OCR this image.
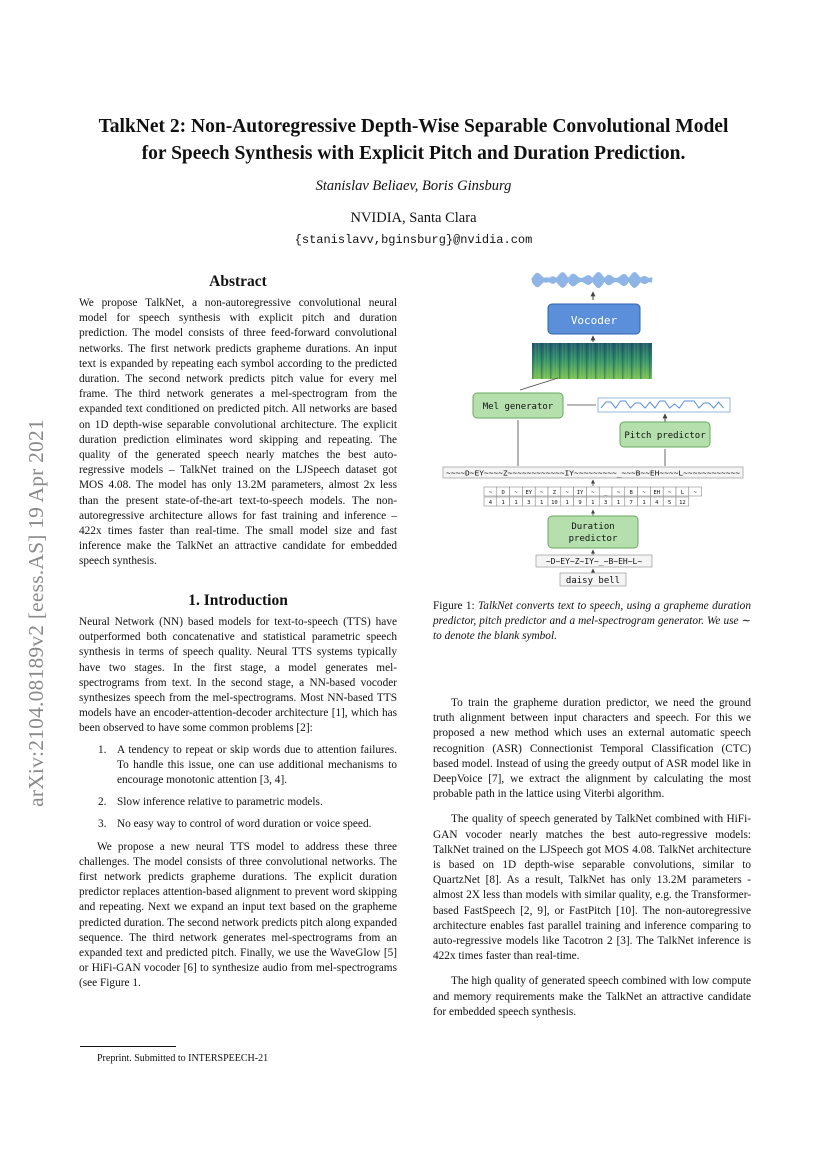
arXiv:2104.08189v2 [eess.AS] 19 Apr 2021
TalkNet 2: Non-Autoregressive Depth-Wise Separable Convolutional Model
for Speech Synthesis with Explicit Pitch and Duration Prediction.
Stanislav Beliaev, Boris Ginsburg
NVIDIA, Santa Clara
{stanislavv,bginsburg}@nvidia.com
Abstract

We propose TalkNet, a non-autoregressive convolutional neural model for speech synthesis with explicit pitch and duration prediction. The model consists of three feed-forward convolutional networks. The first network predicts grapheme durations. An input text is expanded by repeating each symbol according to the predicted duration. The second network predicts pitch value for every mel frame. The third network generates a mel-spectrogram from the expanded text conditioned on predicted pitch. All networks are based on 1D depth-wise separable convolutional architecture. The explicit duration prediction eliminates word skipping and repeating. The quality of the generated speech nearly matches the best auto-regressive models – TalkNet trained on the LJSpeech dataset got MOS 4.08. The model has only 13.2M parameters, almost 2x less than the present state-of-the-art text-to-speech models. The non-autoregressive architecture allows for fast training and inference – 422x times faster than real-time. The small model size and fast inference make the TalkNet an attractive candidate for embedded speech synthesis.

1. Introduction

Neural Network (NN) based models for text-to-speech (TTS) have outperformed both concatenative and statistical parametric speech synthesis in terms of speech quality. Neural TTS systems typically have two stages. In the first stage, a model generates mel-spectrograms from text. In the second stage, a NN-based vocoder synthesizes speech from the mel-spectrograms. Most NN-based TTS models have an encoder-attention-decoder architecture [1], which has been observed to have some common problems [2]:

1. A tendency to repeat or skip words due to attention failures. To handle this issue, one can use additional mechanisms to encourage monotonic attention [3, 4].
2. Slow inference relative to parametric models.
3. No easy way to control of word duration or voice speed.

We propose a new neural TTS model to address these three challenges. The model consists of three convolutional networks. The first network predicts grapheme durations. The explicit duration predictor replaces attention-based alignment to prevent word skipping and repeating. Next we expand an input text based on the grapheme predicted duration. The second network predicts pitch along expanded sequence. The third network generates mel-spectrograms from an expanded text and predicted pitch. Finally, we use the WaveGlow [5] or HiFi-GAN vocoder [6] to synthesize audio from mel-spectrograms (see Figure 1.

Preprint. Submitted to INTERSPEECH-21
Vocoder
Mel generator
Pitch predictor
~~~~D~EY~~~~Z~~~~~~~~~~~~IY~~~~~~~~~_~~~B~~EH~~~~L~~~~~~~~~~~~
~ D ~ EY ~ Z ~ IY ~ _ ~ B ~ EH ~ L ~
4 1 1 3 1 10 1 9 1 3 1 7 1 4 5 12
Duration
predictor
~D~EY~Z~IY~_~B~EH~L~
daisy bell
Figure 1: TalkNet converts text to speech, using a grapheme duration predictor, pitch predictor and a mel-spectrogram generator. We use ∼ to denote the blank symbol.

To train the grapheme duration predictor, we need the ground truth alignment between input characters and speech. For this we proposed a new method which uses an external automatic speech recognition (ASR) Connectionist Temporal Classification (CTC) based model. Instead of using the greedy output of ASR model like in DeepVoice [7], we extract the alignment by calculating the most probable path in the lattice using Viterbi algorithm.

The quality of speech generated by TalkNet combined with HiFi-GAN vocoder nearly matches the best auto-regressive models: TalkNet trained on the LJSpeech got MOS 4.08. TalkNet architecture is based on 1D depth-wise separable convolutions, similar to QuartzNet [8]. As a result, TalkNet has only 13.2M parameters - almost 2X less than models with similar quality, e.g. the Transformer-based FastSpeech [2, 9], or FastPitch [10]. The non-autoregressive architecture enables fast parallel training and inference comparing to auto-regressive models like Tacotron 2 [3]. The TalkNet inference is 422x times faster than real-time.

The high quality of generated speech combined with low compute and memory requirements make the TalkNet an attractive candidate for embedded speech synthesis.
